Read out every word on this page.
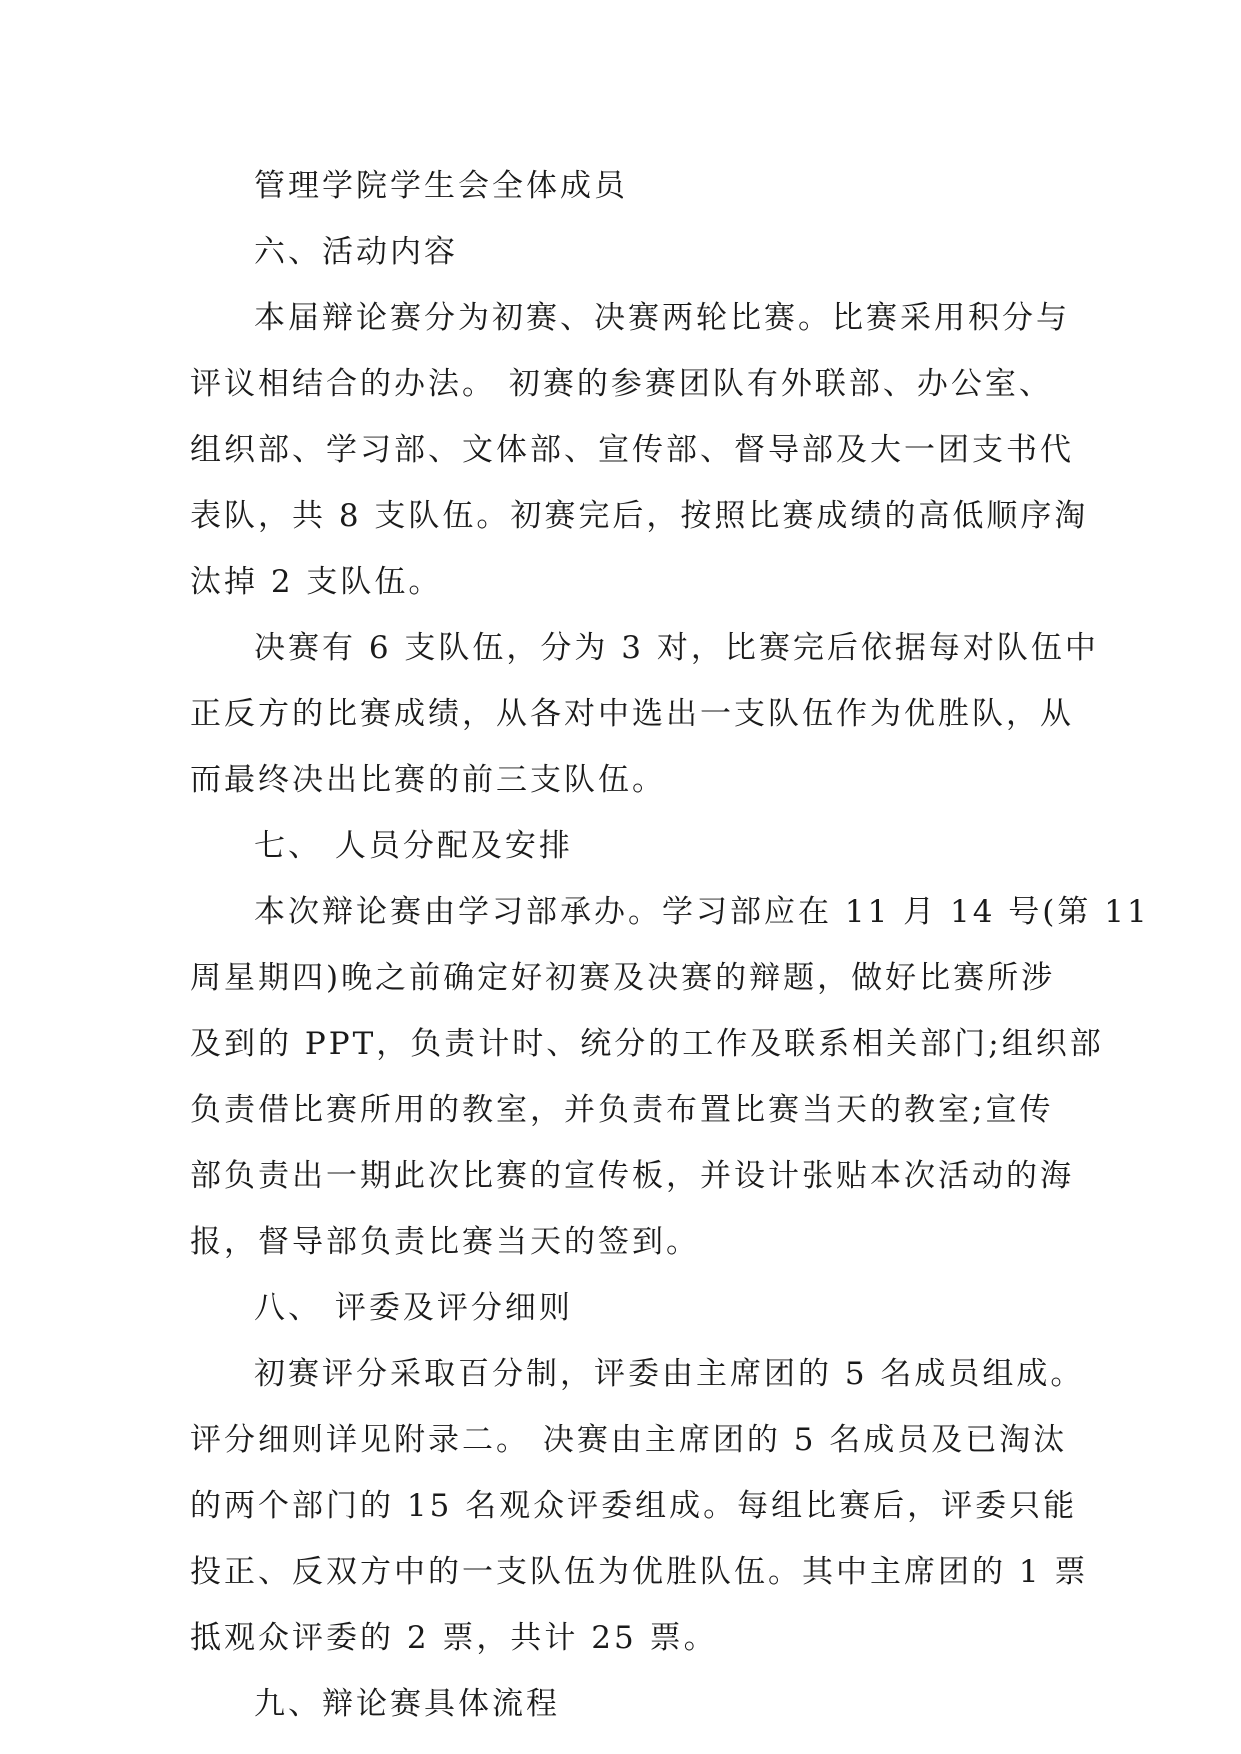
管理学院学生会全体成员
六、活动内容
本届辩论赛分为初赛、决赛两轮比赛。比赛采用积分与
评议相结合的办法。 初赛的参赛团队有外联部、办公室、
组织部、学习部、文体部、宣传部、督导部及大一团支书代
表队，共 8 支队伍。初赛完后，按照比赛成绩的高低顺序淘
汰掉 2 支队伍。
决赛有 6 支队伍，分为 3 对，比赛完后依据每对队伍中
正反方的比赛成绩，从各对中选出一支队伍作为优胜队，从
而最终决出比赛的前三支队伍。
七、 人员分配及安排
本次辩论赛由学习部承办。学习部应在 11 月 14 号(第 11
周星期四)晚之前确定好初赛及决赛的辩题，做好比赛所涉
及到的 PPT，负责计时、统分的工作及联系相关部门;组织部
负责借比赛所用的教室，并负责布置比赛当天的教室;宣传
部负责出一期此次比赛的宣传板，并设计张贴本次活动的海
报，督导部负责比赛当天的签到。
八、 评委及评分细则
初赛评分采取百分制，评委由主席团的 5 名成员组成。
评分细则详见附录二。 决赛由主席团的 5 名成员及已淘汰
的两个部门的 15 名观众评委组成。每组比赛后，评委只能
投正、反双方中的一支队伍为优胜队伍。其中主席团的 1 票
抵观众评委的 2 票，共计 25 票。
九、辩论赛具体流程
